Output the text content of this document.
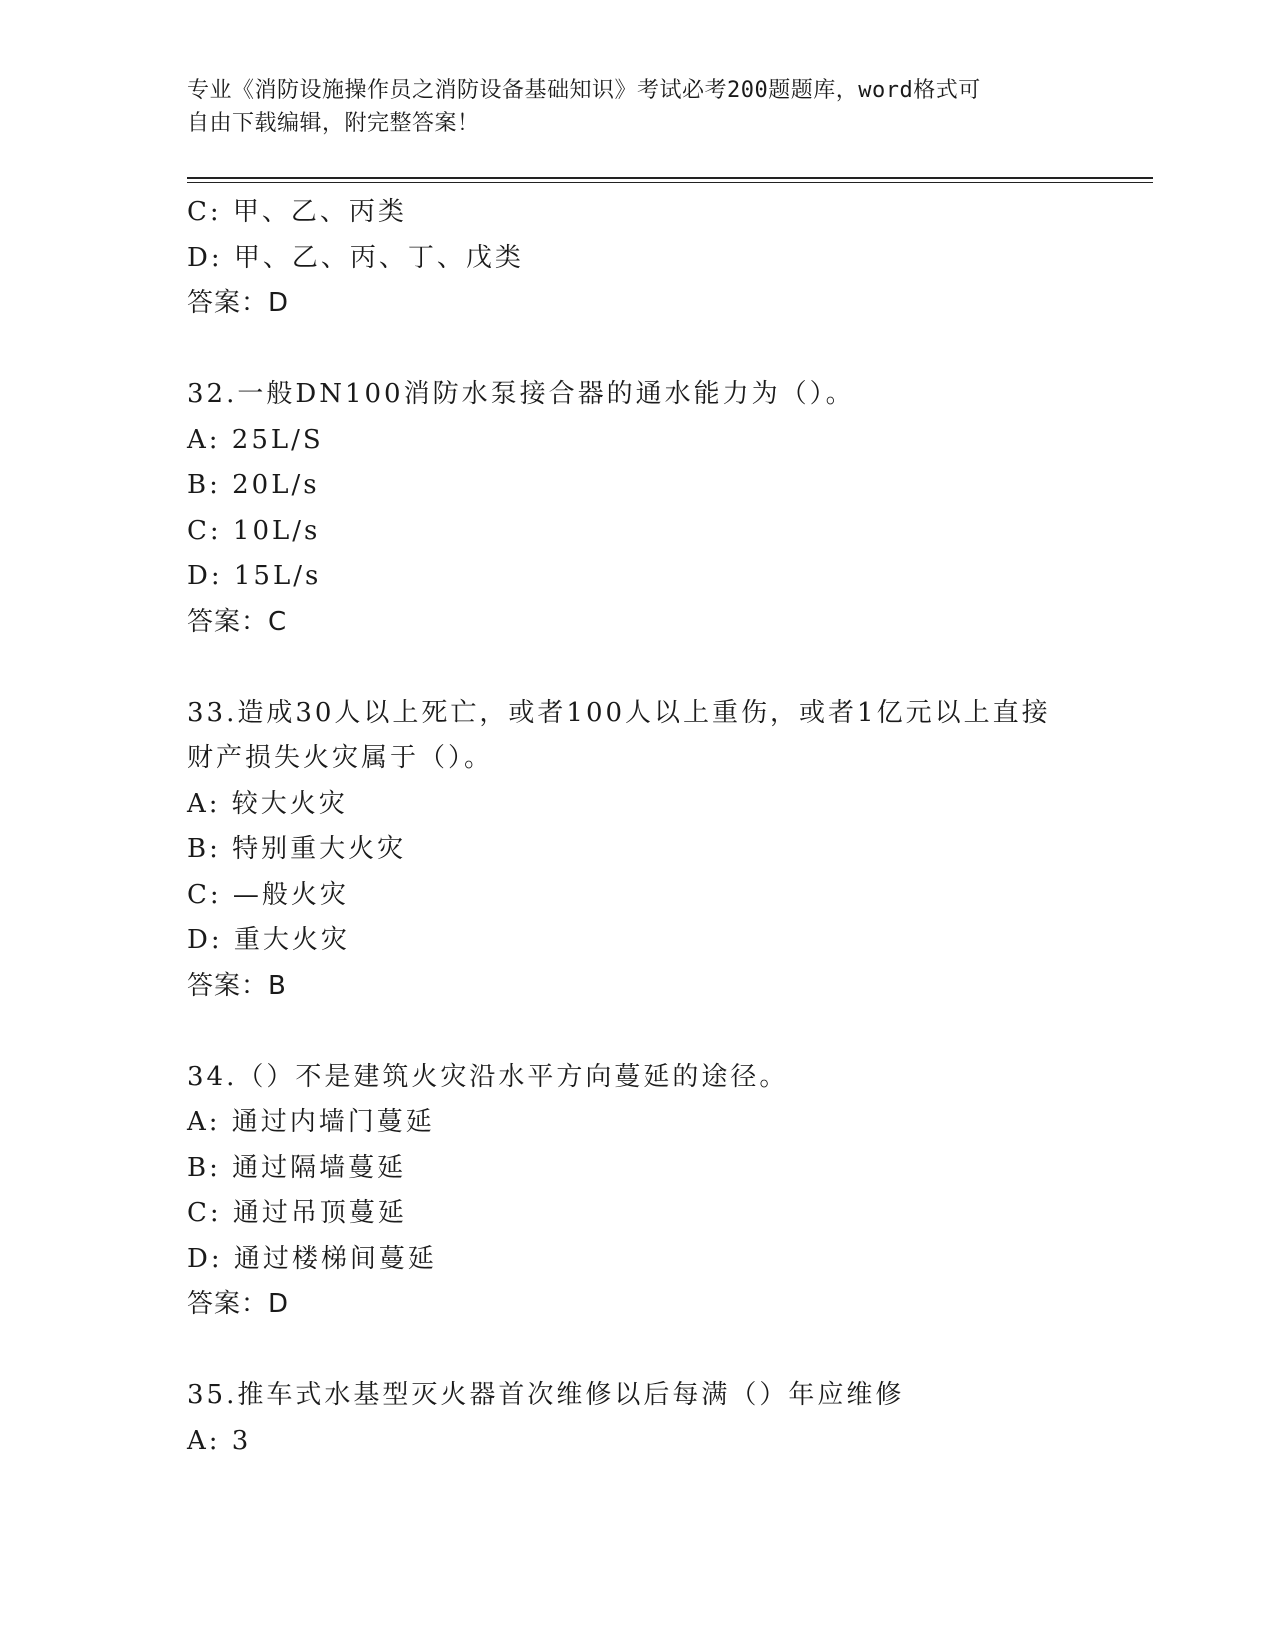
专业《消防设施操作员之消防设备基础知识》考试必考200题题库，word格式可
自由下载编辑，附完整答案！
C: 甲、乙、丙类
D: 甲、乙、丙、丁、戊类
答案：D
32.一般DN100消防水泵接合器的通水能力为（）。
A: 25L/S
B: 20L/s
C: 10L/s
D: 15L/s
答案：C
33.造成30人以上死亡，或者100人以上重伤，或者1亿元以上直接
财产损失火灾属于（）。
A: 较大火灾
B: 特别重大火灾
C: —般火灾
D: 重大火灾
答案：B
34.（）不是建筑火灾沿水平方向蔓延的途径。
A: 通过内墙门蔓延
B: 通过隔墙蔓延
C: 通过吊顶蔓延
D: 通过楼梯间蔓延
答案：D
35.推车式水基型灭火器首次维修以后每满（）年应维修
A: 3
